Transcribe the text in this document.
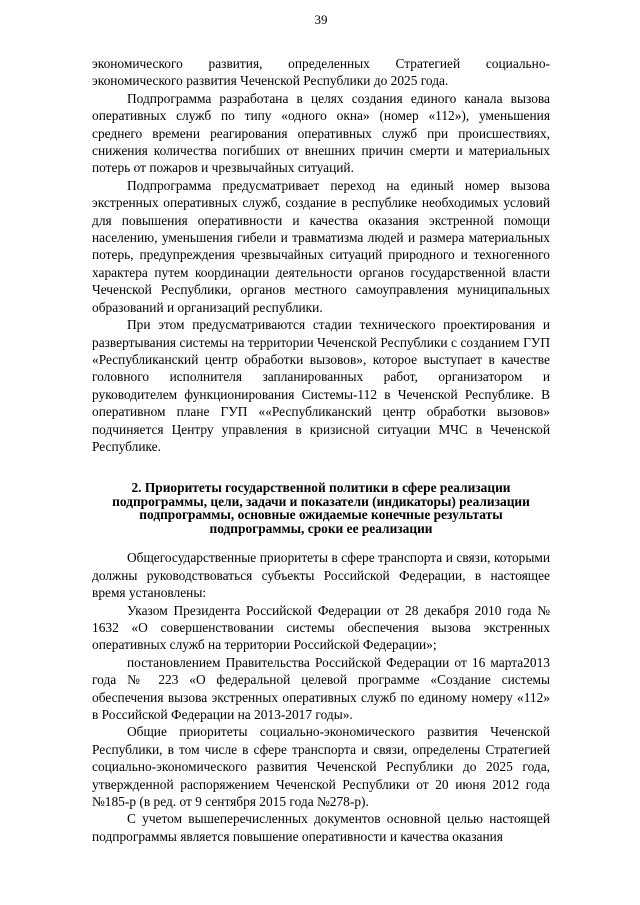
39

экономического развития, определенных Стратегией социально-экономического развития Чеченской Республики до 2025 года.

Подпрограмма разработана в целях создания единого канала вызова оперативных служб по типу «одного окна» (номер «112»), уменьшения среднего времени реагирования оперативных служб при происшествиях, снижения количества погибших от внешних причин смерти и материальных потерь от пожаров и чрезвычайных ситуаций.

Подпрограмма предусматривает переход на единый номер вызова экстренных оперативных служб, создание в республике необходимых условий для повышения оперативности и качества оказания экстренной помощи населению, уменьшения гибели и травматизма людей и размера материальных потерь, предупреждения чрезвычайных ситуаций природного и техногенного характера путем координации деятельности органов государственной власти Чеченской Республики, органов местного самоуправления муниципальных образований и организаций республики.

При этом предусматриваются стадии технического проектирования и развертывания системы на территории Чеченской Республики с созданием ГУП «Республиканский центр обработки вызовов», которое выступает в качестве головного исполнителя запланированных работ, организатором и руководителем функционирования Системы-112 в Чеченской Республике. В оперативном плане ГУП ««Республиканский центр обработки вызовов» подчиняется Центру управления в кризисной ситуации МЧС в Чеченской Республике.

2. Приоритеты государственной политики в сфере реализации подпрограммы, цели, задачи и показатели (индикаторы) реализации подпрограммы, основные ожидаемые конечные результаты подпрограммы, сроки ее реализации

Общегосударственные приоритеты в сфере транспорта и связи, которыми должны руководствоваться субъекты Российской Федерации, в настоящее время установлены:

Указом Президента Российской Федерации от 28 декабря 2010 года № 1632 «О совершенствовании системы обеспечения вызова экстренных оперативных служб на территории Российской Федерации»;

постановлением Правительства Российской Федерации от 16 марта2013 года № 223 «О федеральной целевой программе «Создание системы обеспечения вызова экстренных оперативных служб по единому номеру «112» в Российской Федерации на 2013-2017 годы».

Общие приоритеты социально-экономического развития Чеченской Республики, в том числе в сфере транспорта и связи, определены Стратегией социально-экономического развития Чеченской Республики до 2025 года, утвержденной распоряжением Чеченской Республики от 20 июня 2012 года №185-р (в ред. от 9 сентября 2015 года №278-р).

С учетом вышеперечисленных документов основной целью настоящей подпрограммы является повышение оперативности и качества оказания
